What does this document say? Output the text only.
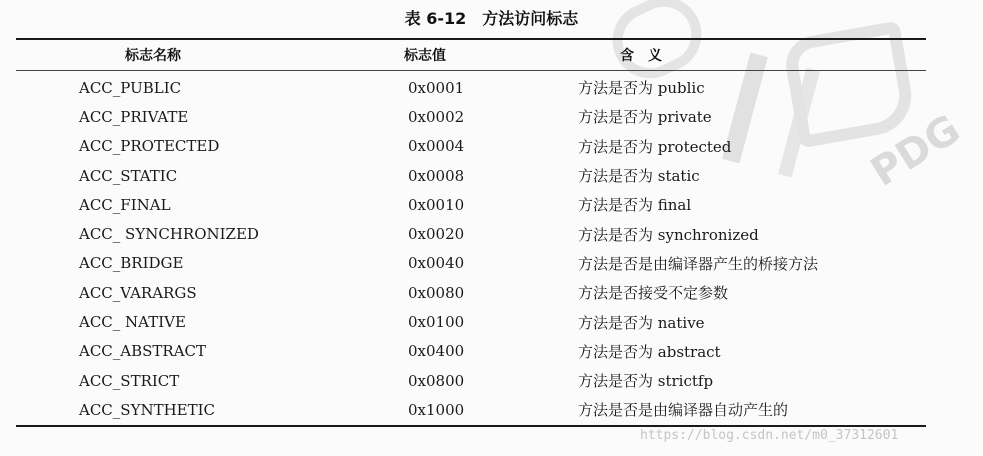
PDG
表 6-12 方法访问标志
标志名称	标志值	含　义
ACC_PUBLIC	0x0001	方法是否为 public
ACC_PRIVATE	0x0002	方法是否为 private
ACC_PROTECTED	0x0004	方法是否为 protected
ACC_STATIC	0x0008	方法是否为 static
ACC_FINAL	0x0010	方法是否为 final
ACC_ SYNCHRONIZED	0x0020	方法是否为 synchronized
ACC_BRIDGE	0x0040	方法是否是由编译器产生的桥接方法
ACC_VARARGS	0x0080	方法是否接受不定参数
ACC_ NATIVE	0x0100	方法是否为 native
ACC_ABSTRACT	0x0400	方法是否为 abstract
ACC_STRICT	0x0800	方法是否为 strictfp
ACC_SYNTHETIC	0x1000	方法是否是由编译器自动产生的
https://blog.csdn.net/m0_37312601
